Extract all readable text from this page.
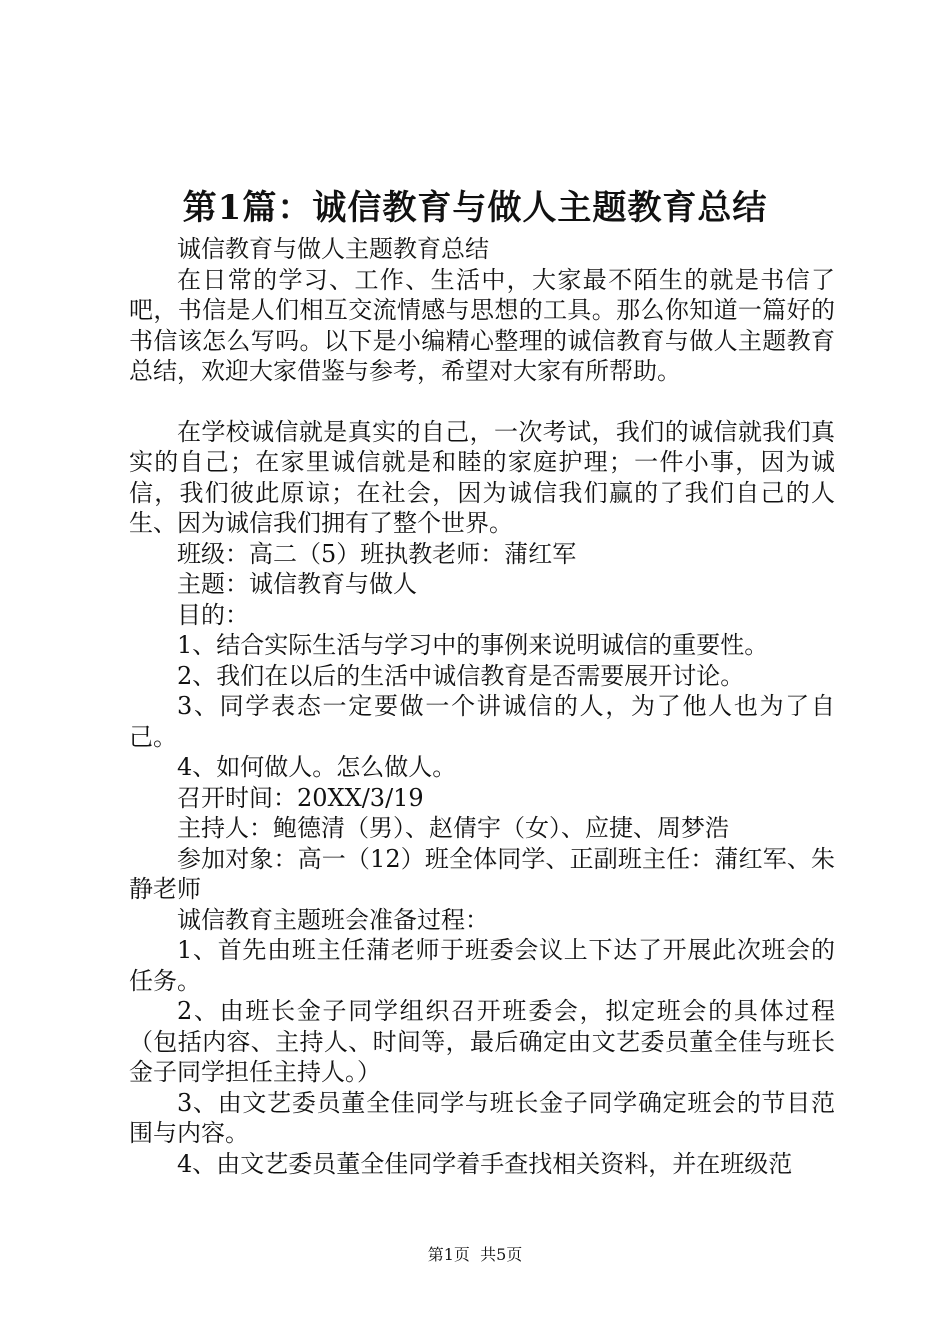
第1篇：诚信教育与做人主题教育总结

诚信教育与做人主题教育总结

在日常的学习、工作、生活中，大家最不陌生的就是书信了吧，书信是人们相互交流情感与思想的工具。那么你知道一篇好的书信该怎么写吗。以下是小编精心整理的诚信教育与做人主题教育总结，欢迎大家借鉴与参考，希望对大家有所帮助。

在学校诚信就是真实的自己，一次考试，我们的诚信就我们真实的自己；在家里诚信就是和睦的家庭护理；一件小事，因为诚信，我们彼此原谅；在社会，因为诚信我们赢的了我们自己的人生、因为诚信我们拥有了整个世界。

班级：高二（5）班执教老师：蒲红军

主题：诚信教育与做人

目的：

1、结合实际生活与学习中的事例来说明诚信的重要性。

2、我们在以后的生活中诚信教育是否需要展开讨论。

3、同学表态一定要做一个讲诚信的人，为了他人也为了自己。

4、如何做人。怎么做人。

召开时间：20XX/3/19

主持人：鲍德清（男）、赵倩宇（女）、应捷、周梦浩

参加对象：高一（12）班全体同学、正副班主任：蒲红军、朱静老师

诚信教育主题班会准备过程：

1、首先由班主任蒲老师于班委会议上下达了开展此次班会的任务。

2、由班长金子同学组织召开班委会，拟定班会的具体过程（包括内容、主持人、时间等，最后确定由文艺委员董全佳与班长金子同学担任主持人。）

3、由文艺委员董全佳同学与班长金子同学确定班会的节目范围与内容。

4、由文艺委员董全佳同学着手查找相关资料，并在班级范

第1页 共5页
